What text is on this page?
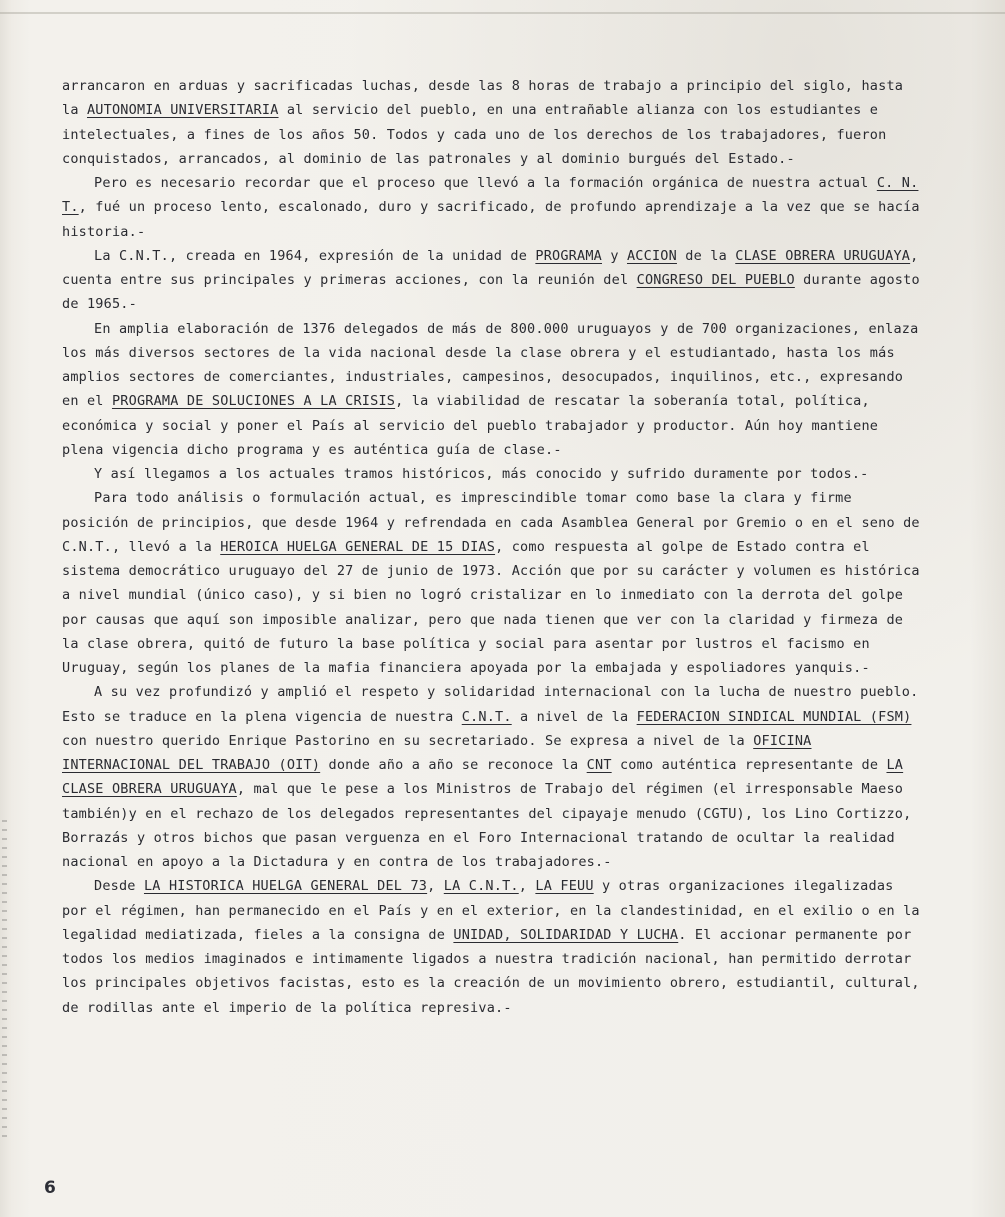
arrancaron en arduas y sacrificadas luchas, desde las 8 horas de trabajo a principio del siglo, hasta la AUTONOMIA UNIVERSITARIA al servicio del pueblo, en una entrañable alianza con los estudiantes e intelectuales, a fines de los años 50. Todos y cada uno de los derechos de los trabajadores, fueron conquistados, arrancados, al dominio de las patronales y al dominio burgués del Estado.-

Pero es necesario recordar que el proceso que llevó a la formación orgánica de nuestra actual C. N. T., fué un proceso lento, escalonado, duro y sacrificado, de profundo aprendizaje a la vez que se hacía historia.-

La C.N.T., creada en 1964, expresión de la unidad de PROGRAMA y ACCION de la CLASE OBRERA URUGUAYA, cuenta entre sus principales y primeras acciones, con la reunión del CONGRESO DEL PUEBLO durante agosto de 1965.-

En amplia elaboración de 1376 delegados de más de 800.000 uruguayos y de 700 organizaciones, enlaza los más diversos sectores de la vida nacional desde la clase obrera y el estudiantado, hasta los más amplios sectores de comerciantes, industriales, campesinos, desocupados, inquilinos, etc., expresando en el PROGRAMA DE SOLUCIONES A LA CRISIS, la viabilidad de rescatar la soberanía total, política, económica y social y poner el País al servicio del pueblo trabajador y productor. Aún hoy mantiene plena vigencia dicho programa y es auténtica guía de clase.-

Y así llegamos a los actuales tramos históricos, más conocido y sufrido duramente por todos.-

Para todo análisis o formulación actual, es imprescindible tomar como base la clara y firme posición de principios, que desde 1964 y refrendada en cada Asamblea General por Gremio o en el seno de C.N.T., llevó a la HEROICA HUELGA GENERAL DE 15 DIAS, como respuesta al golpe de Estado contra el sistema democrático uruguayo del 27 de junio de 1973. Acción que por su carácter y volumen es histórica a nivel mundial (único caso), y si bien no logró cristalizar en lo inmediato con la derrota del golpe por causas que aquí son imposible analizar, pero que nada tienen que ver con la claridad y firmeza de la clase obrera, quitó de futuro la base política y social para asentar por lustros el facismo en Uruguay, según los planes de la mafia financiera apoyada por la embajada y espoliadores yanquis.-

A su vez profundizó y amplió el respeto y solidaridad internacional con la lucha de nuestro pueblo. Esto se traduce en la plena vigencia de nuestra C.N.T. a nivel de la FEDERACION SINDICAL MUNDIAL (FSM) con nuestro querido Enrique Pastorino en su secretariado. Se expresa a nivel de la OFICINA INTERNACIONAL DEL TRABAJO (OIT) donde año a año se reconoce la CNT como auténtica representante de LA CLASE OBRERA URUGUAYA, mal que le pese a los Ministros de Trabajo del régimen (el irresponsable Maeso también)y en el rechazo de los delegados representantes del cipayaje menudo (CGTU), los Lino Cortizzo, Borrazás y otros bichos que pasan verguenza en el Foro Internacional tratando de ocultar la realidad nacional en apoyo a la Dictadura y en contra de los trabajadores.-

Desde LA HISTORICA HUELGA GENERAL DEL 73, LA C.N.T., LA FEUU y otras organizaciones ilegalizadas por el régimen, han permanecido en el País y en el exterior, en la clandestinidad, en el exilio o en la legalidad mediatizada, fieles a la consigna de UNIDAD, SOLIDARIDAD Y LUCHA. El accionar permanente por todos los medios imaginados e intimamente ligados a nuestra tradición nacional, han permitido derrotar los principales objetivos facistas, esto es la creación de un movimiento obrero, estudiantil, cultural, de rodillas ante el imperio de la política represiva.-

6
